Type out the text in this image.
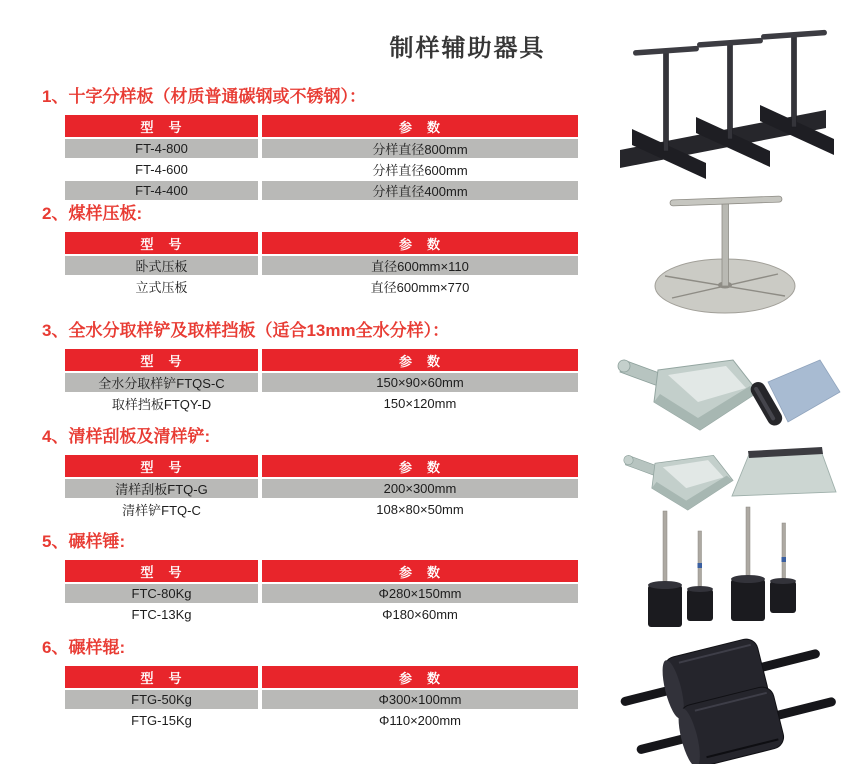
制样辅助器具
1、十字分样板（材质普通碳钢或不锈钢）：
型　号	参　数
FT-4-800	分样直径800mm
FT-4-600	分样直径600mm
FT-4-400	分样直径400mm
2、煤样压板:
型　号	参　数
卧式压板	直径600mm×110
立式压板	直径600mm×770
3、全水分取样铲及取样挡板（适合13mm全水分样）：
型　号	参　数
全水分取样铲FTQS-C	150×90×60mm
取样挡板FTQY-D	150×120mm
4、清样刮板及清样铲:
型　号	参　数
清样刮板FTQ-G	200×300mm
清样铲FTQ-C	108×80×50mm
5、碾样锤:
型　号	参　数
FTC-80Kg	Φ280×150mm
FTC-13Kg	Φ180×60mm
6、碾样辊:
型　号	参　数
FTG-50Kg	Φ300×100mm
FTG-15Kg	Φ110×200mm
